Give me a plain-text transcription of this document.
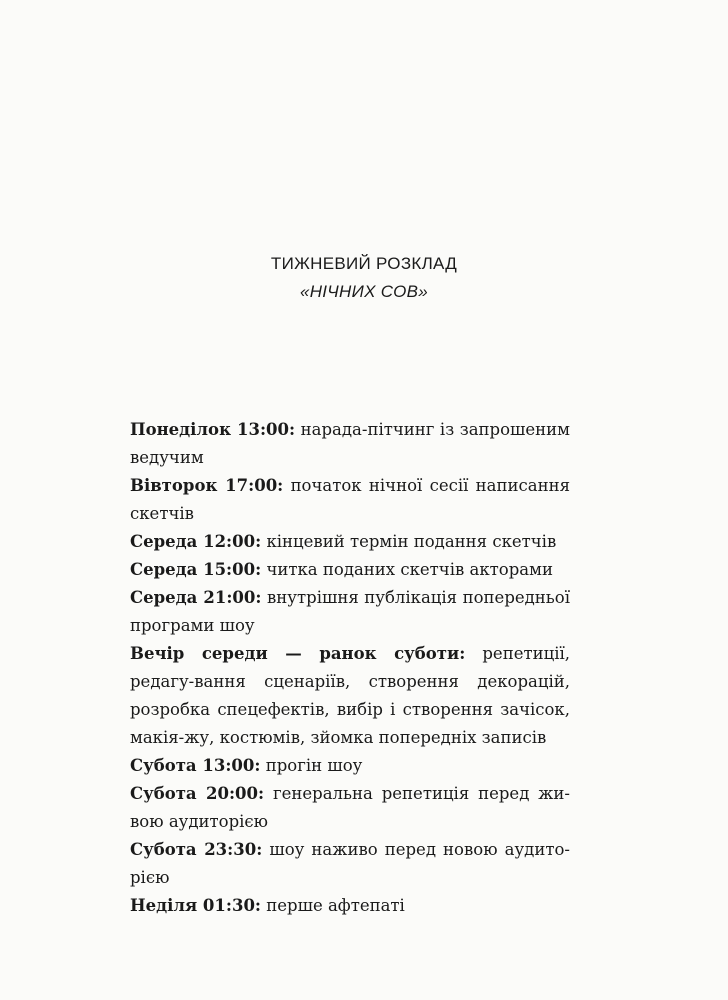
ТИЖНЕВИЙ РОЗКЛАД
«НІЧНИХ СОВ»
Понеділок 13:00: нарада-пітчинг із запрошеним ведучим
Вівторок 17:00: початок нічної сесії написання скетчів
Середа 12:00: кінцевий термін подання скетчів
Середа 15:00: читка поданих скетчів акторами
Середа 21:00: внутрішня публікація попередньої програми шоу
Вечір середи — ранок суботи: репетиції, редагу-вання сценаріїв, створення декорацій, розробка спецефектів, вибір і створення зачісок, макія-жу, костюмів, зйомка попередніх записів
Субота 13:00: прогін шоу
Субота 20:00: генеральна репетиція перед жи-вою аудиторією
Субота 23:30: шоу наживо перед новою аудито-рією
Неділя 01:30: перше афтепаті
